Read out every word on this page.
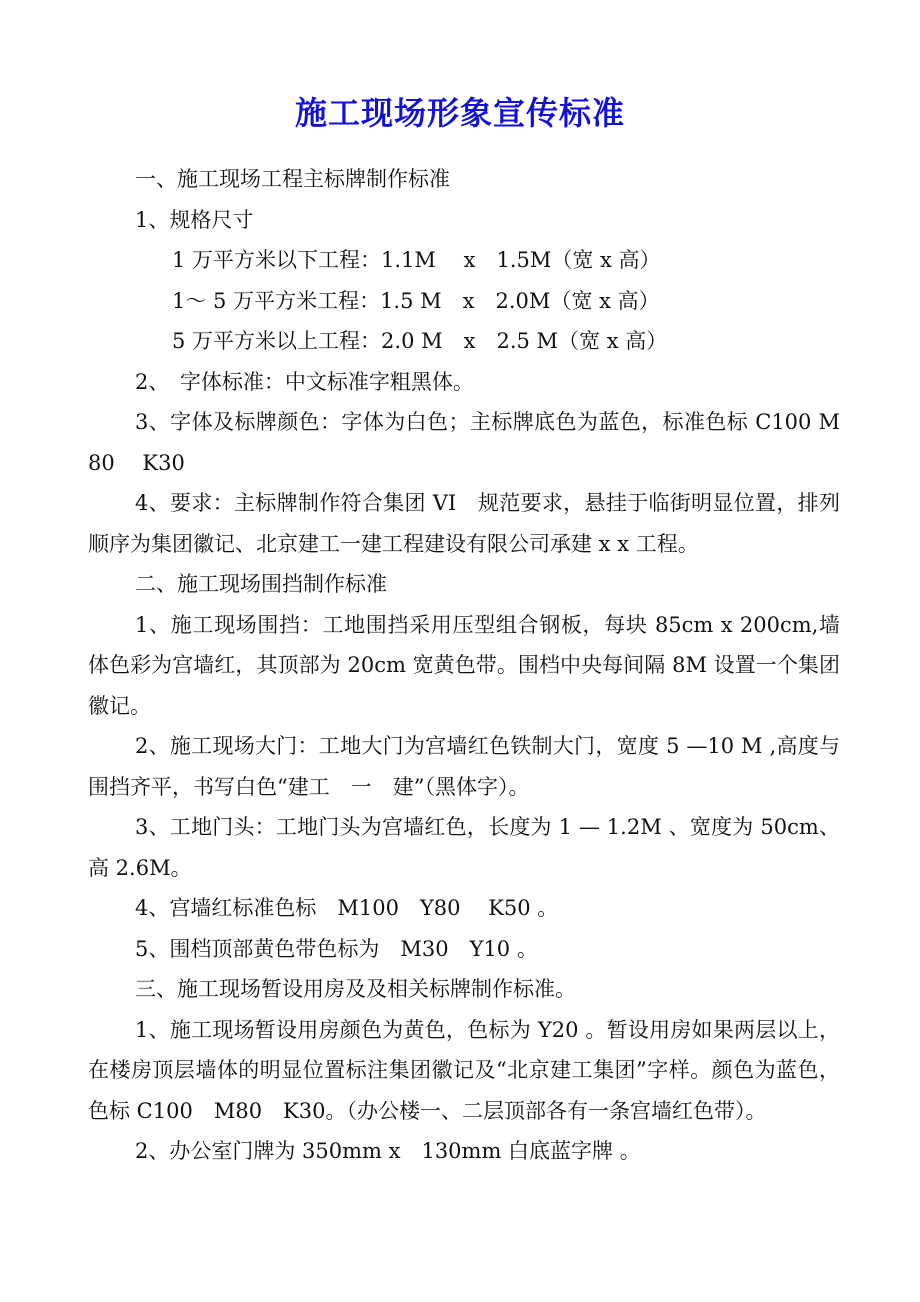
施工现场形象宣传标准

一、施工现场工程主标牌制作标准

1、规格尺寸

1 万平方米以下工程：1.1M　 x　1.5M（宽 x 高）

1～ 5 万平方米工程：1.5 M　x　2.0M（宽 x 高）

5 万平方米以上工程：2.0 M　x　2.5 M（宽 x 高）

2、　字体标准：中文标准字粗黑体。

3、字体及标牌颜色：字体为白色；主标牌底色为蓝色，标准色标 C100 M80　 K30

4、要求：主标牌制作符合集团 VI　规范要求，悬挂于临街明显位置，排列顺序为集团徽记、北京建工一建工程建设有限公司承建 x x 工程。

二、施工现场围挡制作标准

1、施工现场围挡：工地围挡采用压型组合钢板，每块 85cm x 200cm,墙体色彩为宫墙红，其顶部为 20cm 宽黄色带。围档中央每间隔 8M 设置一个集团徽记。

2、施工现场大门：工地大门为宫墙红色铁制大门，宽度 5 —10 M ,高度与围挡齐平，书写白色“建工　一　建”（黑体字）。

3、工地门头：工地门头为宫墙红色，长度为 1 — 1.2M 、宽度为 50cm、高 2.6M。

4、宫墙红标准色标　M100　Y80　 K50 。

5、围档顶部黄色带色标为　M30　Y10 。

三、施工现场暂设用房及及相关标牌制作标准。

1、施工现场暂设用房颜色为黄色，色标为 Y20 。暂设用房如果两层以上，在楼房顶层墙体的明显位置标注集团徽记及“北京建工集团”字样。颜色为蓝色，色标 C100　M80　K30。（办公楼一、二层顶部各有一条宫墙红色带）。

2、办公室门牌为 350mm x　130mm 白底蓝字牌 。
